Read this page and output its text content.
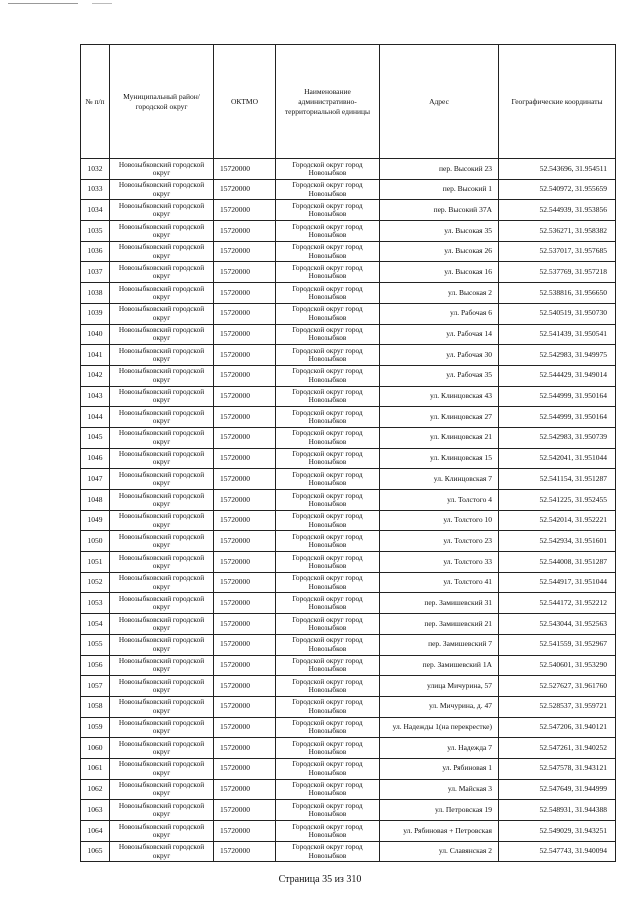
№ п/п	Муниципальный район/городской округ	ОКТМО	Наименование административно-территориальной единицы	Адрес	Географические координаты
1032	Новозыбковский городской округ	15720000	Городской округ город Новозыбков	пер. Высокий 23	52.543696, 31.954511
1033	Новозыбковский городской округ	15720000	Городской округ город Новозыбков	пер. Высокий 1	52.540972, 31.955659
1034	Новозыбковский городской округ	15720000	Городской округ город Новозыбков	пер. Высокий 37А	52.544939, 31.953856
1035	Новозыбковский городской округ	15720000	Городской округ город Новозыбков	ул. Высокая 35	52.536271, 31.958382
1036	Новозыбковский городской округ	15720000	Городской округ город Новозыбков	ул. Высокая 26	52.537017, 31.957685
1037	Новозыбковский городской округ	15720000	Городской округ город Новозыбков	ул. Высокая 16	52.537769, 31.957218
1038	Новозыбковский городской округ	15720000	Городской округ город Новозыбков	ул. Высокая 2	52.538816, 31.956650
1039	Новозыбковский городской округ	15720000	Городской округ город Новозыбков	ул. Рабочая 6	52.540519, 31.950730
1040	Новозыбковский городской округ	15720000	Городской округ город Новозыбков	ул. Рабочая 14	52.541439, 31.950541
1041	Новозыбковский городской округ	15720000	Городской округ город Новозыбков	ул. Рабочая 30	52.542983, 31.949975
1042	Новозыбковский городской округ	15720000	Городской округ город Новозыбков	ул. Рабочая 35	52.544429, 31.949014
1043	Новозыбковский городской округ	15720000	Городской округ город Новозыбков	ул. Клинцовская 43	52.544999, 31.950164
1044	Новозыбковский городской округ	15720000	Городской округ город Новозыбков	ул. Клинцовская 27	52.544999, 31.950164
1045	Новозыбковский городской округ	15720000	Городской округ город Новозыбков	ул. Клинцовская 21	52.542983, 31.950739
1046	Новозыбковский городской округ	15720000	Городской округ город Новозыбков	ул. Клинцовская 15	52.542041, 31.951044
1047	Новозыбковский городской округ	15720000	Городской округ город Новозыбков	ул. Клинцовская 7	52.541154, 31.951287
1048	Новозыбковский городской округ	15720000	Городской округ город Новозыбков	ул. Толстого 4	52.541225, 31.952455
1049	Новозыбковский городской округ	15720000	Городской округ город Новозыбков	ул. Толстого 10	52.542014, 31.952221
1050	Новозыбковский городской округ	15720000	Городской округ город Новозыбков	ул. Толстого 23	52.542934, 31.951601
1051	Новозыбковский городской округ	15720000	Городской округ город Новозыбков	ул. Толстого 33	52.544008, 31.951287
1052	Новозыбковский городской округ	15720000	Городской округ город Новозыбков	ул. Толстого 41	52.544917, 31.951044
1053	Новозыбковский городской округ	15720000	Городской округ город Новозыбков	пер. Замишевский 31	52.544172, 31.952212
1054	Новозыбковский городской округ	15720000	Городской округ город Новозыбков	пер. Замишевский 21	52.543044, 31.952563
1055	Новозыбковский городской округ	15720000	Городской округ город Новозыбков	пер. Замишевский 7	52.541559, 31.952967
1056	Новозыбковский городской округ	15720000	Городской округ город Новозыбков	пер. Замишевский 1А	52.540601, 31.953290
1057	Новозыбковский городской округ	15720000	Городской округ город Новозыбков	улица Мичурина, 57	52.527627, 31.961760
1058	Новозыбковский городской округ	15720000	Городской округ город Новозыбков	ул. Мичурина, д. 47	52.528537, 31.959721
1059	Новозыбковский городской округ	15720000	Городской округ город Новозыбков	ул. Надежды 1(на перекрестке)	52.547206, 31.940121
1060	Новозыбковский городской округ	15720000	Городской округ город Новозыбков	ул. Надежда 7	52.547261, 31.940252
1061	Новозыбковский городской округ	15720000	Городской округ город Новозыбков	ул. Рябиновая 1	52.547578, 31.943121
1062	Новозыбковский городской округ	15720000	Городской округ город Новозыбков	ул. Майская 3	52.547649, 31.944999
1063	Новозыбковский городской округ	15720000	Городской округ город Новозыбков	ул. Петровская 19	52.548931, 31.944388
1064	Новозыбковский городской округ	15720000	Городской округ город Новозыбков	ул. Рябиновая + Петровская	52.549029, 31.943251
1065	Новозыбковский городской округ	15720000	Городской округ город Новозыбков	ул. Славянская 2	52.547743, 31.940094
Страница 35 из 310
